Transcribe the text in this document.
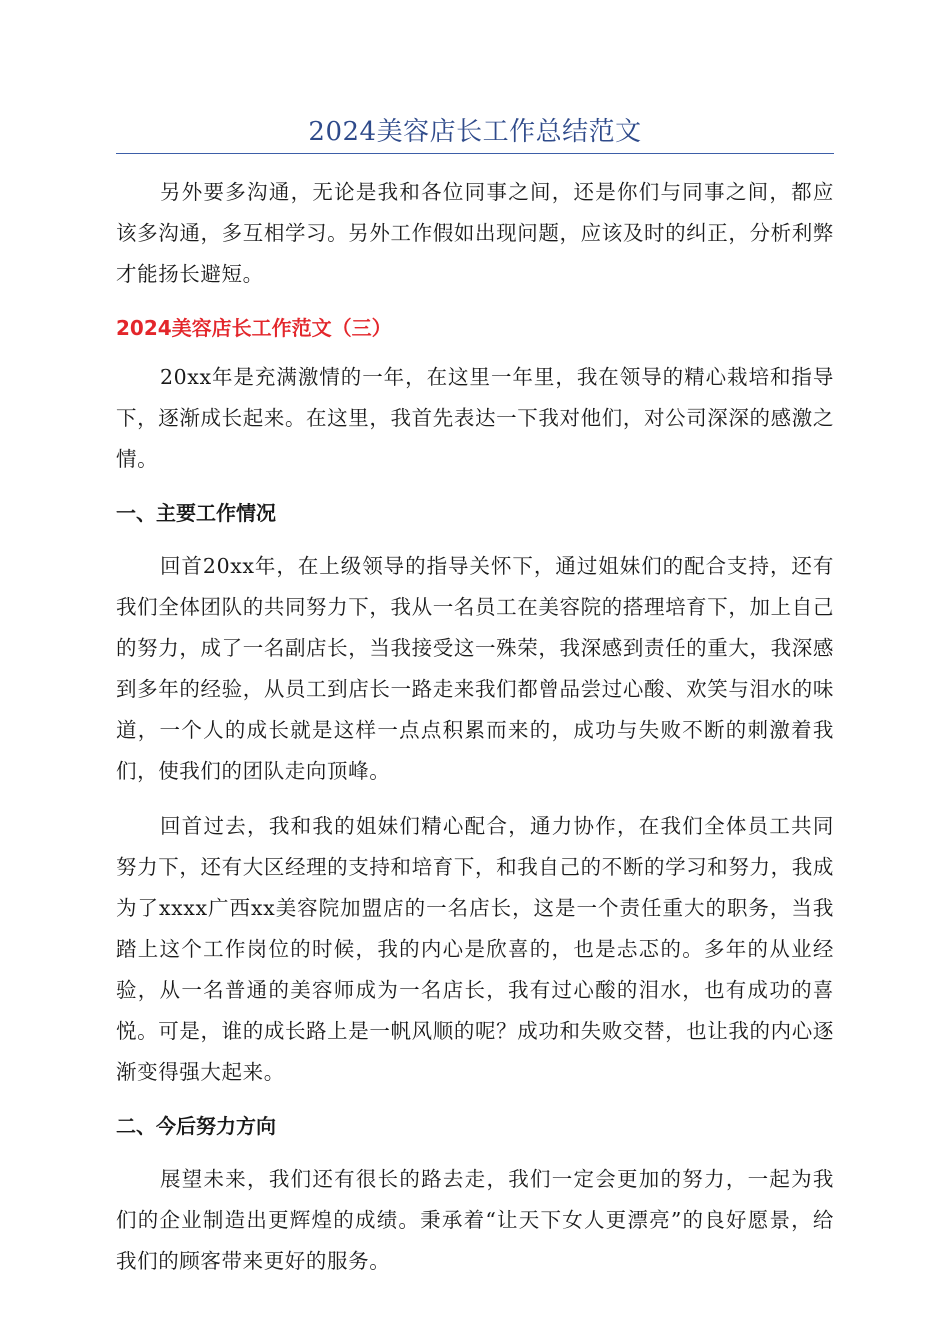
2024美容店长工作总结范文

另外要多沟通，无论是我和各位同事之间，还是你们与同事之间，都应该多沟通，多互相学习。另外工作假如出现问题，应该及时的纠正，分析利弊才能扬长避短。

2024美容店长工作范文（三）

20xx年是充满激情的一年，在这里一年里，我在领导的精心栽培和指导下，逐渐成长起来。在这里，我首先表达一下我对他们，对公司深深的感激之情。

一、主要工作情况

回首20xx年，在上级领导的指导关怀下，通过姐妹们的配合支持，还有我们全体团队的共同努力下，我从一名员工在美容院的搭理培育下，加上自己的努力，成了一名副店长，当我接受这一殊荣，我深感到责任的重大，我深感到多年的经验，从员工到店长一路走来我们都曾品尝过心酸、欢笑与泪水的味道，一个人的成长就是这样一点点积累而来的，成功与失败不断的刺激着我们，使我们的团队走向顶峰。

回首过去，我和我的姐妹们精心配合，通力协作，在我们全体员工共同努力下，还有大区经理的支持和培育下，和我自己的不断的学习和努力，我成为了xxxx广西xx美容院加盟店的一名店长，这是一个责任重大的职务，当我踏上这个工作岗位的时候，我的内心是欣喜的，也是忐忑的。多年的从业经验，从一名普通的美容师成为一名店长，我有过心酸的泪水，也有成功的喜悦。可是，谁的成长路上是一帆风顺的呢？成功和失败交替，也让我的内心逐渐变得强大起来。

二、今后努力方向

展望未来，我们还有很长的路去走，我们一定会更加的努力，一起为我们的企业制造出更辉煌的成绩。秉承着“让天下女人更漂亮”的良好愿景，给我们的顾客带来更好的服务。
